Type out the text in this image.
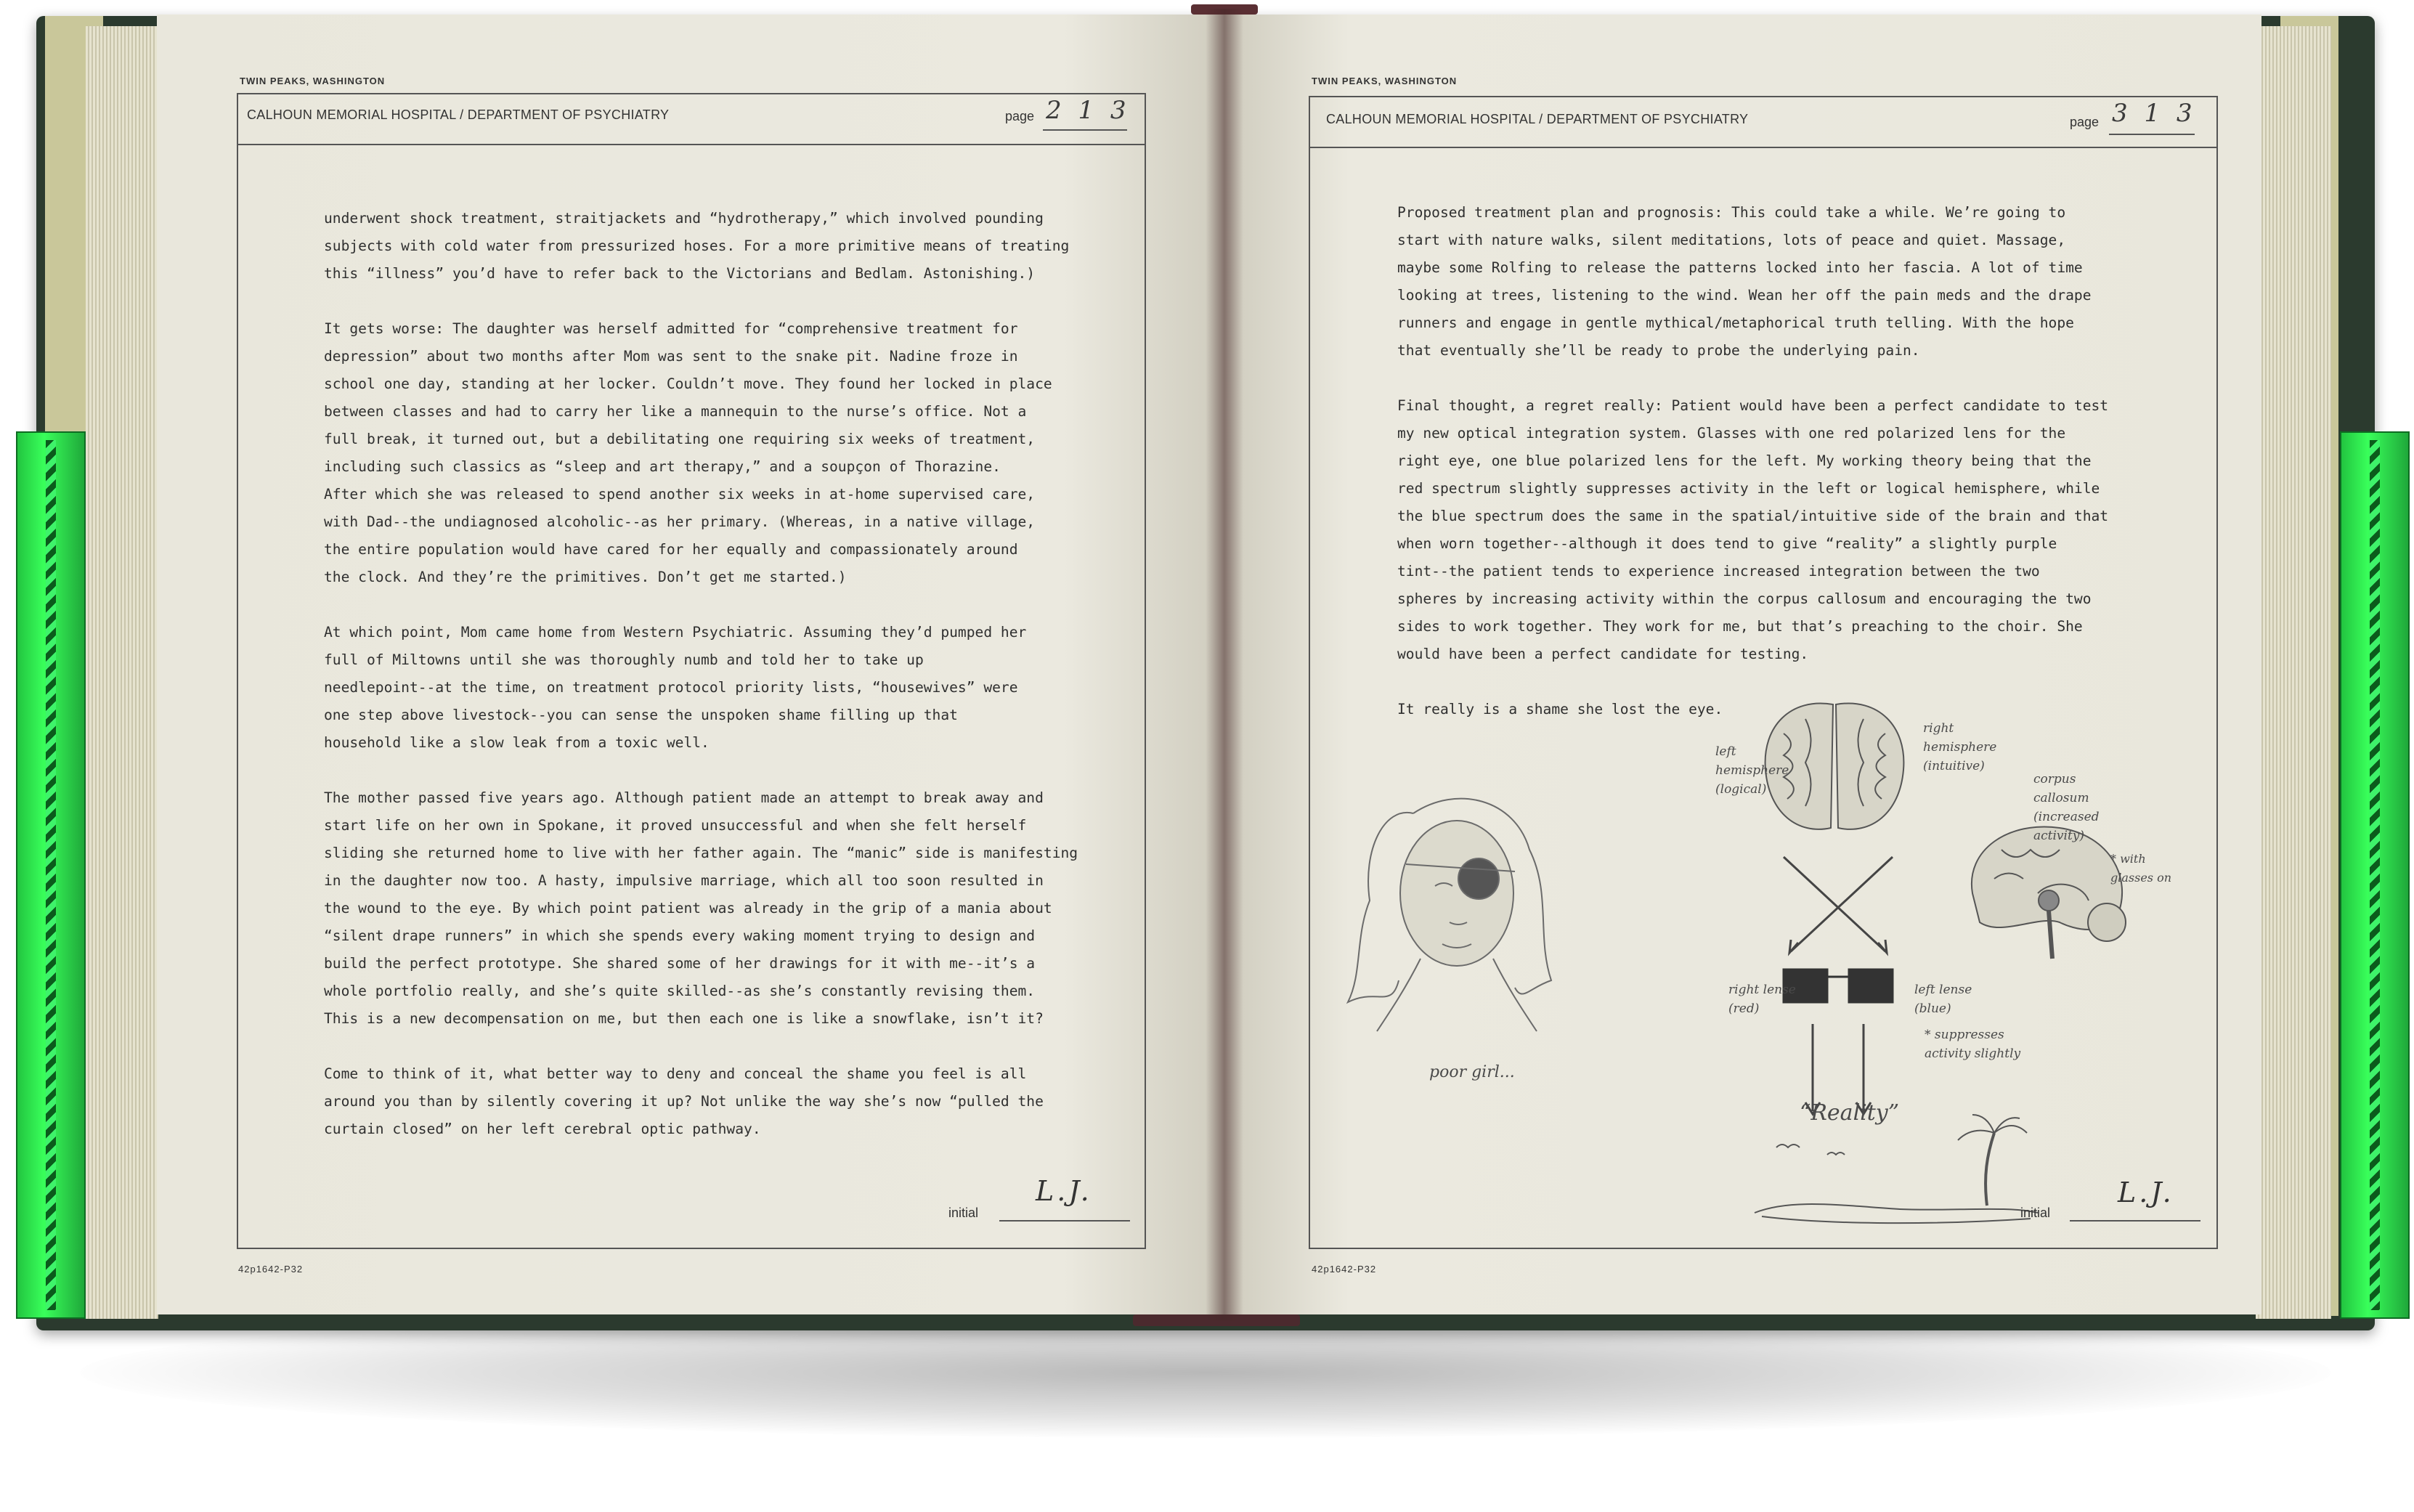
TWIN PEAKS, WASHINGTON
CALHOUN MEMORIAL HOSPITAL / DEPARTMENT OF PSYCHIATRY	page 2 1 3

underwent shock treatment, straitjackets and “hydrotherapy,” which involved pounding
subjects with cold water from pressurized hoses. For a more primitive means of treating
this “illness” you’d have to refer back to the Victorians and Bedlam. Astonishing.)

It gets worse: The daughter was herself admitted for “comprehensive treatment for
depression” about two months after Mom was sent to the snake pit. Nadine froze in
school one day, standing at her locker. Couldn’t move. They found her locked in place
between classes and had to carry her like a mannequin to the nurse’s office. Not a
full break, it turned out, but a debilitating one requiring six weeks of treatment,
including such classics as “sleep and art therapy,” and a soupçon of Thorazine.
After which she was released to spend another six weeks in at-home supervised care,
with Dad--the undiagnosed alcoholic--as her primary. (Whereas, in a native village,
the entire population would have cared for her equally and compassionately around
the clock. And they’re the primitives. Don’t get me started.)

At which point, Mom came home from Western Psychiatric. Assuming they’d pumped her
full of Miltowns until she was thoroughly numb and told her to take up
needlepoint--at the time, on treatment protocol priority lists, “housewives” were
one step above livestock--you can sense the unspoken shame filling up that
household like a slow leak from a toxic well.

The mother passed five years ago. Although patient made an attempt to break away and
start life on her own in Spokane, it proved unsuccessful and when she felt herself
sliding she returned home to live with her father again. The “manic” side is manifesting
in the daughter now too. A hasty, impulsive marriage, which all too soon resulted in
the wound to the eye. By which point patient was already in the grip of a mania about
“silent drape runners” in which she spends every waking moment trying to design and
build the perfect prototype. She shared some of her drawings for it with me--it’s a
whole portfolio really, and she’s quite skilled--as she’s constantly revising them.
This is a new decompensation on me, but then each one is like a snowflake, isn’t it?

Come to think of it, what better way to deny and conceal the shame you feel is all
around you than by silently covering it up? Not unlike the way she’s now “pulled the
curtain closed” on her left cerebral optic pathway.

initial
L.J.
42p1642-P32
TWIN PEAKS, WASHINGTON
CALHOUN MEMORIAL HOSPITAL / DEPARTMENT OF PSYCHIATRY	page 3 1 3

Proposed treatment plan and prognosis: This could take a while. We’re going to
start with nature walks, silent meditations, lots of peace and quiet. Massage,
maybe some Rolfing to release the patterns locked into her fascia. A lot of time
looking at trees, listening to the wind. Wean her off the pain meds and the drape
runners and engage in gentle mythical/metaphorical truth telling. With the hope
that eventually she’ll be ready to probe the underlying pain.

Final thought, a regret really: Patient would have been a perfect candidate to test
my new optical integration system. Glasses with one red polarized lens for the
right eye, one blue polarized lens for the left. My working theory being that the
red spectrum slightly suppresses activity in the left or logical hemisphere, while
the blue spectrum does the same in the spatial/intuitive side of the brain and that
when worn together--although it does tend to give “reality” a slightly purple
tint--the patient tends to experience increased integration between the two
spheres by increasing activity within the corpus callosum and encouraging the two
sides to work together. They work for me, but that’s preaching to the choir. She
would have been a perfect candidate for testing.

It really is a shame she lost the eye.

poor girl...
“Reality”
left
hemisphere
(logical)
right
hemisphere
(intuitive)
corpus
callosum
(increased
activity)
* with
glasses on
right lense
(red)
left lense
(blue)
* suppresses
activity slightly
initial
L.J.
42p1642-P32
